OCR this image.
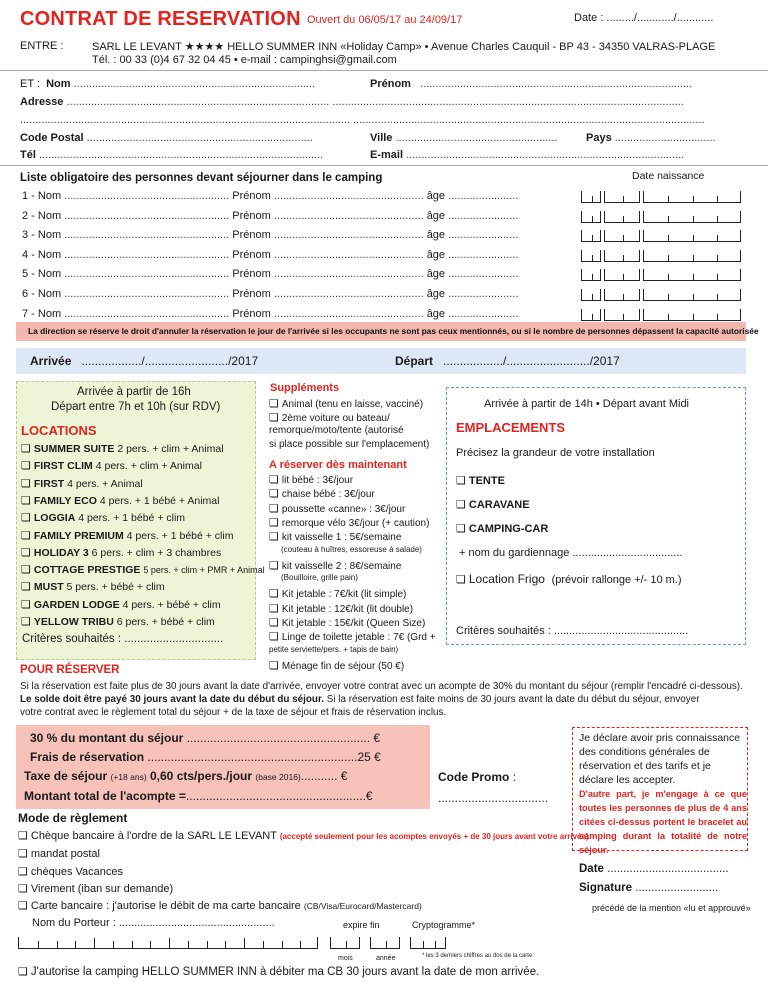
CONTRAT DE RESERVATION Ouvert du 06/05/17 au 24/09/17	Date : ........./............/............
ENTRE :	SARL LE LEVANT ★★★★ HELLO SUMMER INN «Holiday Camp» • Avenue Charles Cauquil - BP 43 - 34350 VALRAS-PLAGE
Tél. : 00 33 (0)4 67 32 04 45 • e-mail : campinghsi@gmail.com
ET : Nom ...............................................................................	Prénom   .........................................................................................
Adresse ...................................................................................... ...................................................................................................................
............................................................................................................ ...................................................................................................................
Code Postal ..........................................................................	Ville .....................................................	Pays .................................
Tél .............................................................................................	E-mail ...........................................................................................
Liste obligatoire des personnes devant séjourner dans le camping	Date naissance
1 - Nom ...................................................... Prénom ................................................. âge .......................
2 - Nom ...................................................... Prénom ................................................. âge .......................
3 - Nom ...................................................... Prénom ................................................. âge .......................
4 - Nom ...................................................... Prénom ................................................. âge .......................
5 - Nom ...................................................... Prénom ................................................. âge .......................
6 - Nom ...................................................... Prénom ................................................. âge .......................
7 - Nom ...................................................... Prénom ................................................. âge .......................
La direction se réserve le droit d'annuler la réservation le jour de l'arrivée si les occupants ne sont pas ceux mentionnés, ou si le nombre de personnes dépassent la capacité autorisée
Arrivée ................../........................./2017	Départ ................../........................./2017
Arrivée à partir de 16h
Départ entre 7h et 10h (sur RDV)
LOCATIONS
❏ SUMMER SUITE 2 pers. + clim + Animal
❏ FIRST CLIM 4 pers. + clim + Animal
❏ FIRST 4 pers. + Animal
❏ FAMILY ECO 4 pers. + 1 bébé + Animal
❏ LOGGIA 4 pers. + 1 bébé + clim
❏ FAMILY PREMIUM 4 pers. + 1 bébé + clim
❏ HOLIDAY 3 6 pers. + clim + 3 chambres
❏ COTTAGE PRESTIGE 5 pers. + clim + PMR + Animal
❏ MUST 5 pers. + bébé + clim
❏ GARDEN LODGE 4 pers. + bébé + clim
❏ YELLOW TRIBU 6 pers. + bébé + clim
Critères souhaités : ...............................
Suppléments
❏ Animal (tenu en laisse, vacciné)
❏ 2ème voiture ou bateau/
remorque/moto/tente (autorisé
si place possible sur l'emplacement)
A réserver dès maintenant
❏ lit bébé : 3€/jour
❏ chaise bébé : 3€/jour
❏ poussette «canne» : 3€/jour
❏ remorque vélo 3€/jour (+ caution)
❏ kit vaisselle 1 : 5€/semaine
(couteau à huîtres, essoreuse à salade)
❏ kit vaisselle 2 : 8€/semaine
(Bouilloire, grille pain)
❏ Kit jetable : 7€/kit (lit simple)
❏ Kit jetable : 12€/kit (lit double)
❏ Kit jetable : 15€/kit (Queen Size)
❏ Linge de toilette jetable : 7€ (Grd +
petite serviette/pers. + tapis de bain)
❏ Ménage fin de séjour (50 €)
Arrivée à partir de 14h • Départ avant Midi
EMPLACEMENTS
Précisez la grandeur de votre installation
❏ TENTE
❏ CARAVANE
❏ CAMPING-CAR
+ nom du gardiennage ....................................
❏ Location Frigo (prévoir rallonge +/- 10 m.)
Critères souhaités : ............................................
POUR RÉSERVER
Si la réservation est faite plus de 30 jours avant la date d'arrivée, envoyer votre contrat avec un acompte de 30% du montant du séjour (remplir l'encadré ci-dessous).
Le solde doit être payé 30 jours avant la date du début du séjour. Si la réservation est faite moins de 30 jours avant la date du début du séjour, envoyer
votre contrat avec le règlement total du séjour + de la taxe de séjour et frais de réservation inclus.
30 % du montant du séjour ....................................................... €
Frais de réservation ...............................................................25 €
Taxe de séjour (+18 ans) 0,60 cts/pers./jour (base 2016)........... €
Montant total de l'acompte =......................................................€
Code Promo :
.................................
Je déclare avoir pris connaissance des conditions générales de réservation et des tarifs et je déclare les accepter.
D'autre part, je m'engage à ce que toutes les personnes de plus de 4 ans citées ci-dessus portent le bracelet au camping durant la totalité de notre séjour.
Date ......................................
Signature ..........................
précédé de la mention «lu et approuvé»
Mode de règlement
❏ Chèque bancaire à l'ordre de la SARL LE LEVANT (accepté seulement pour les acomptes envoyés + de 30 jours avant votre arrivée)
❏ mandat postal
❏ chèques Vacances
❏ Virement (iban sur demande)
❏ Carte bancaire : j'autorise le débit de ma carte bancaire (CB/Visa/Eurocard/Mastercard)
Nom du Porteur : ...................................................	expire fin	Cryptogramme*
mois	année	* les 3 derniers chiffres au dos de la carte
❏ J'autorise la camping HELLO SUMMER INN à débiter ma CB 30 jours avant la date de mon arrivée.
